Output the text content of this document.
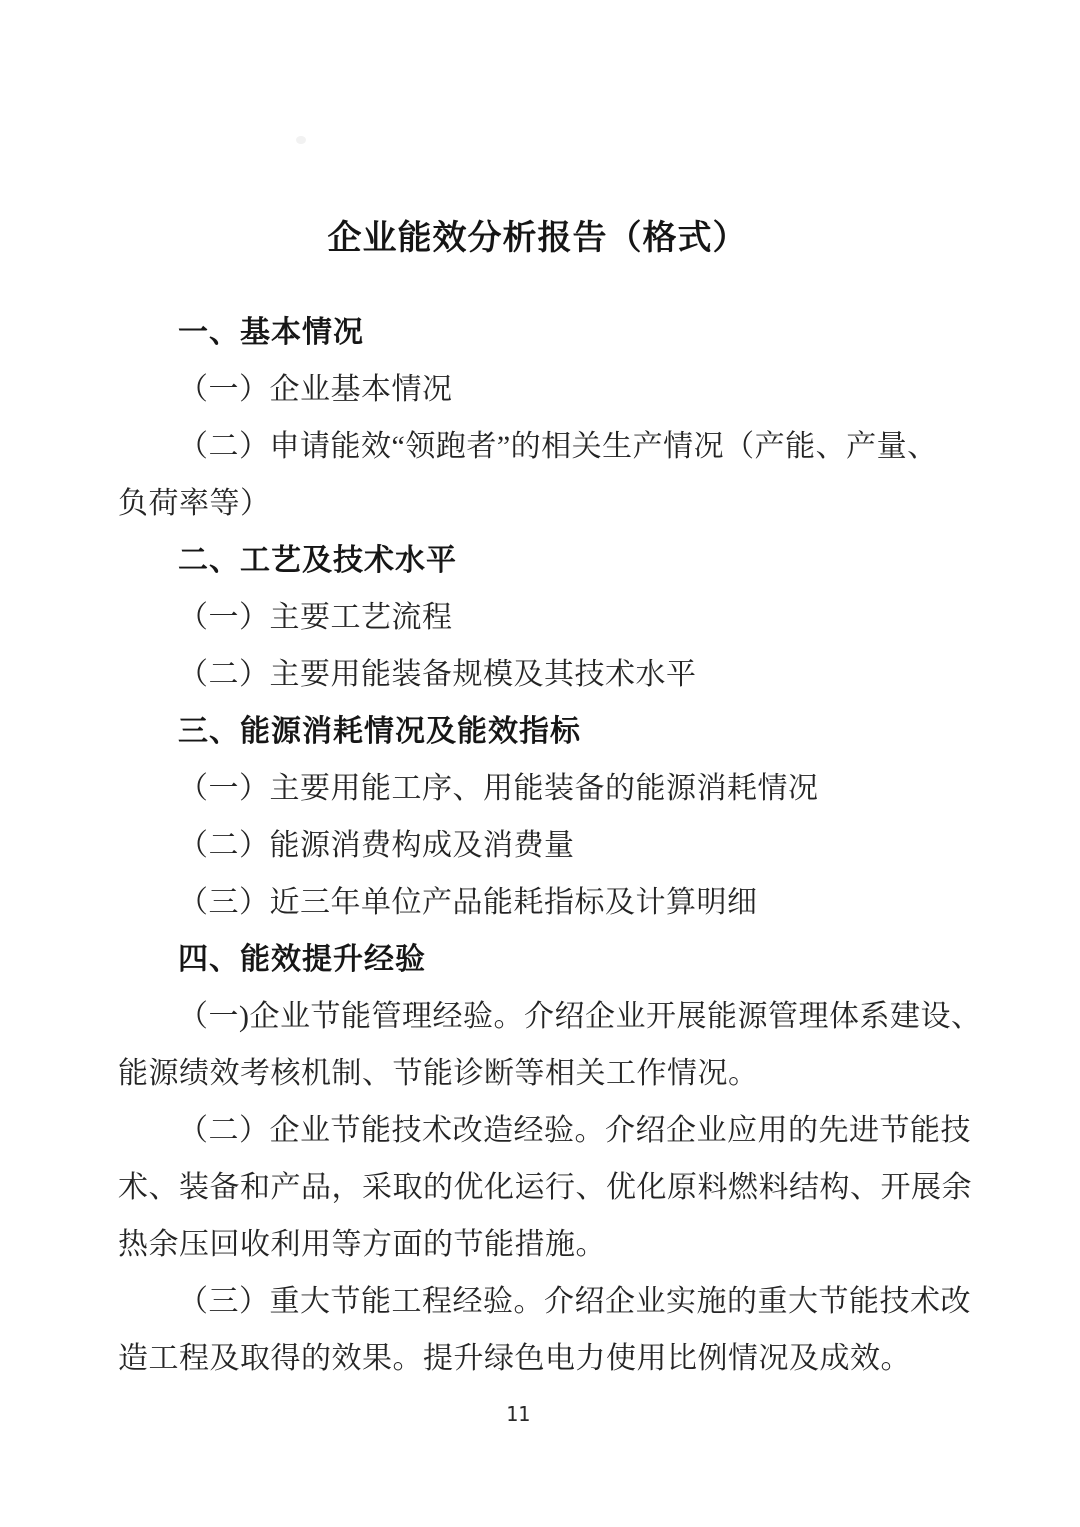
企业能效分析报告（格式）
一、基本情况
（一）企业基本情况
（二）申请能效“领跑者”的相关生产情况（产能、产量、
负荷率等）
二、工艺及技术水平
（一）主要工艺流程
（二）主要用能装备规模及其技术水平
三、能源消耗情况及能效指标
（一）主要用能工序、用能装备的能源消耗情况
（二）能源消费构成及消费量
（三）近三年单位产品能耗指标及计算明细
四、能效提升经验
（一)企业节能管理经验。介绍企业开展能源管理体系建设、
能源绩效考核机制、节能诊断等相关工作情况。
（二）企业节能技术改造经验。介绍企业应用的先进节能技
术、装备和产品，采取的优化运行、优化原料燃料结构、开展余
热余压回收利用等方面的节能措施。
（三）重大节能工程经验。介绍企业实施的重大节能技术改
造工程及取得的效果。提升绿色电力使用比例情况及成效。
11
